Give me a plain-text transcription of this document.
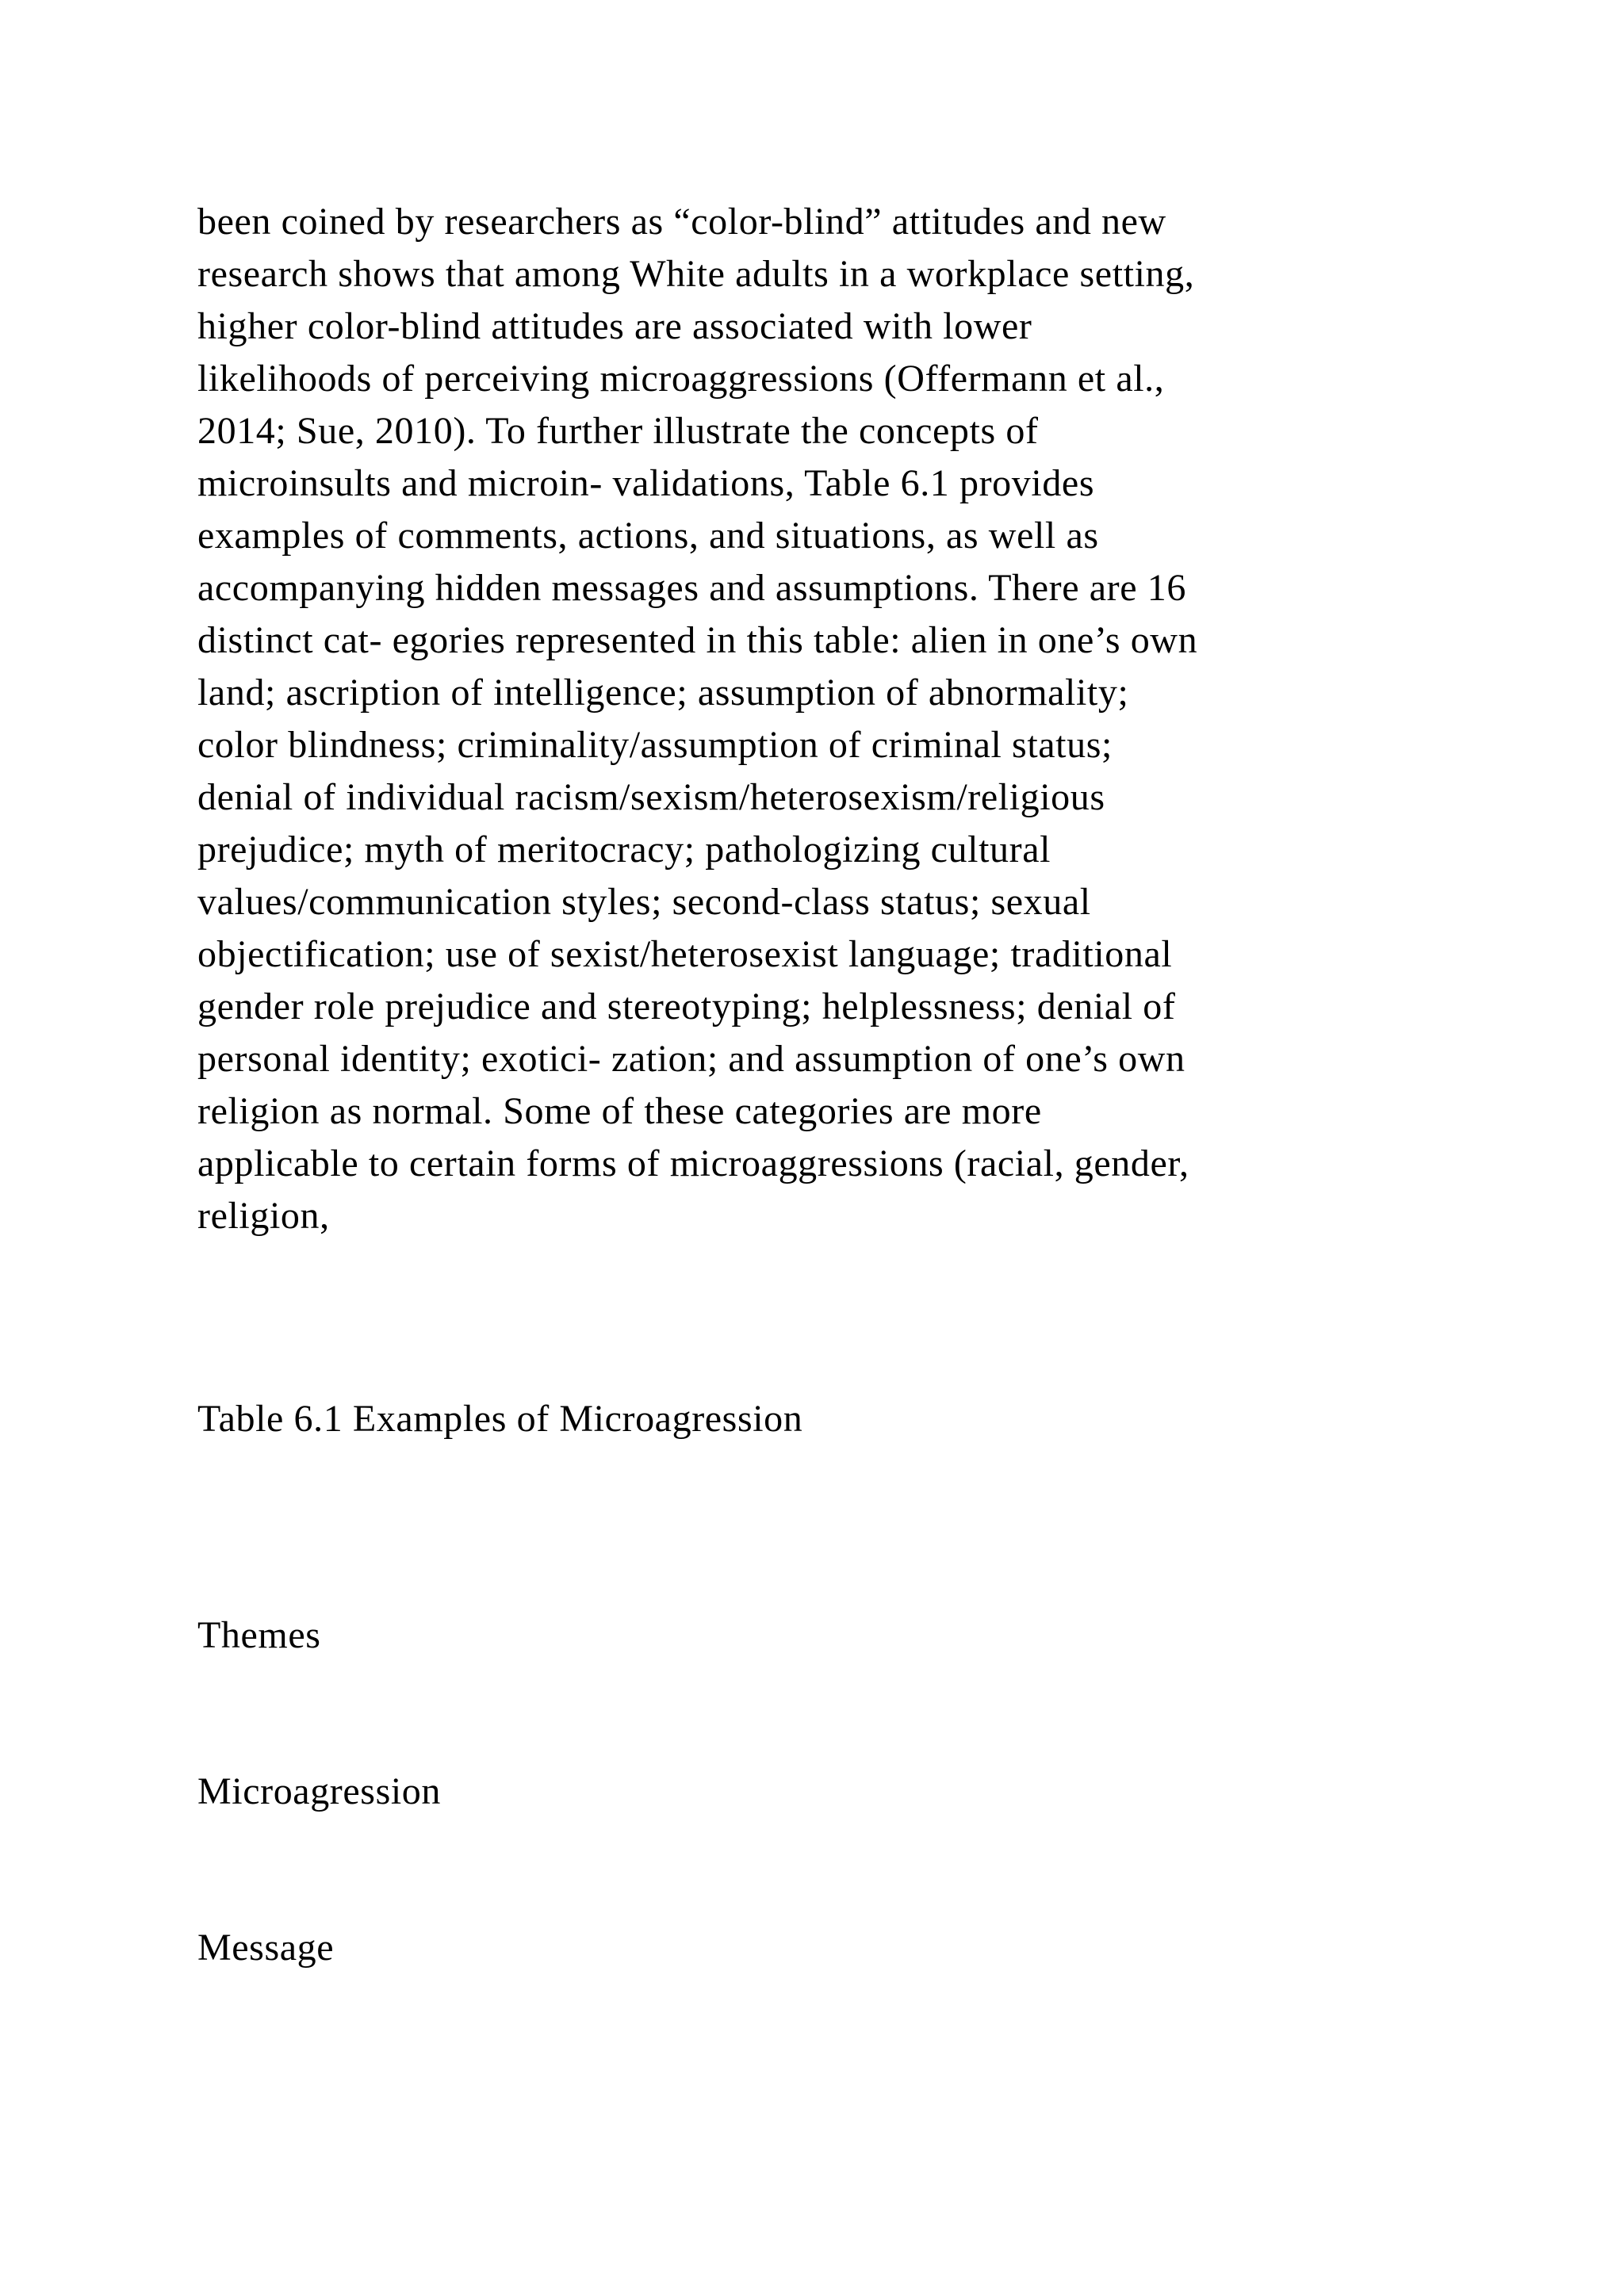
been coined by researchers as “color-blind” attitudes and new
research shows that among White adults in a workplace setting,
higher color-blind attitudes are associated with lower
likelihoods of perceiving microaggressions (Offermann et al.,
2014; Sue, 2010). To further illustrate the concepts of
microinsults and microin- validations, Table 6.1 provides
examples of comments, actions, and situations, as well as
accompanying hidden messages and assumptions. There are 16
distinct cat- egories represented in this table: alien in one’s own
land; ascription of intelligence; assumption of abnormality;
color blindness; criminality/assumption of criminal status;
denial of individual racism/sexism/heterosexism/religious
prejudice; myth of meritocracy; pathologizing cultural
values/communication styles; second-class status; sexual
objectification; use of sexist/heterosexist language; traditional
gender role prejudice and stereotyping; helplessness; denial of
personal identity; exotici- zation; and assumption of one’s own
religion as normal. Some of these categories are more
applicable to certain forms of microaggressions (racial, gender,
religion,
Table 6.1 Examples of Microagression
Themes
Microagression
Message
